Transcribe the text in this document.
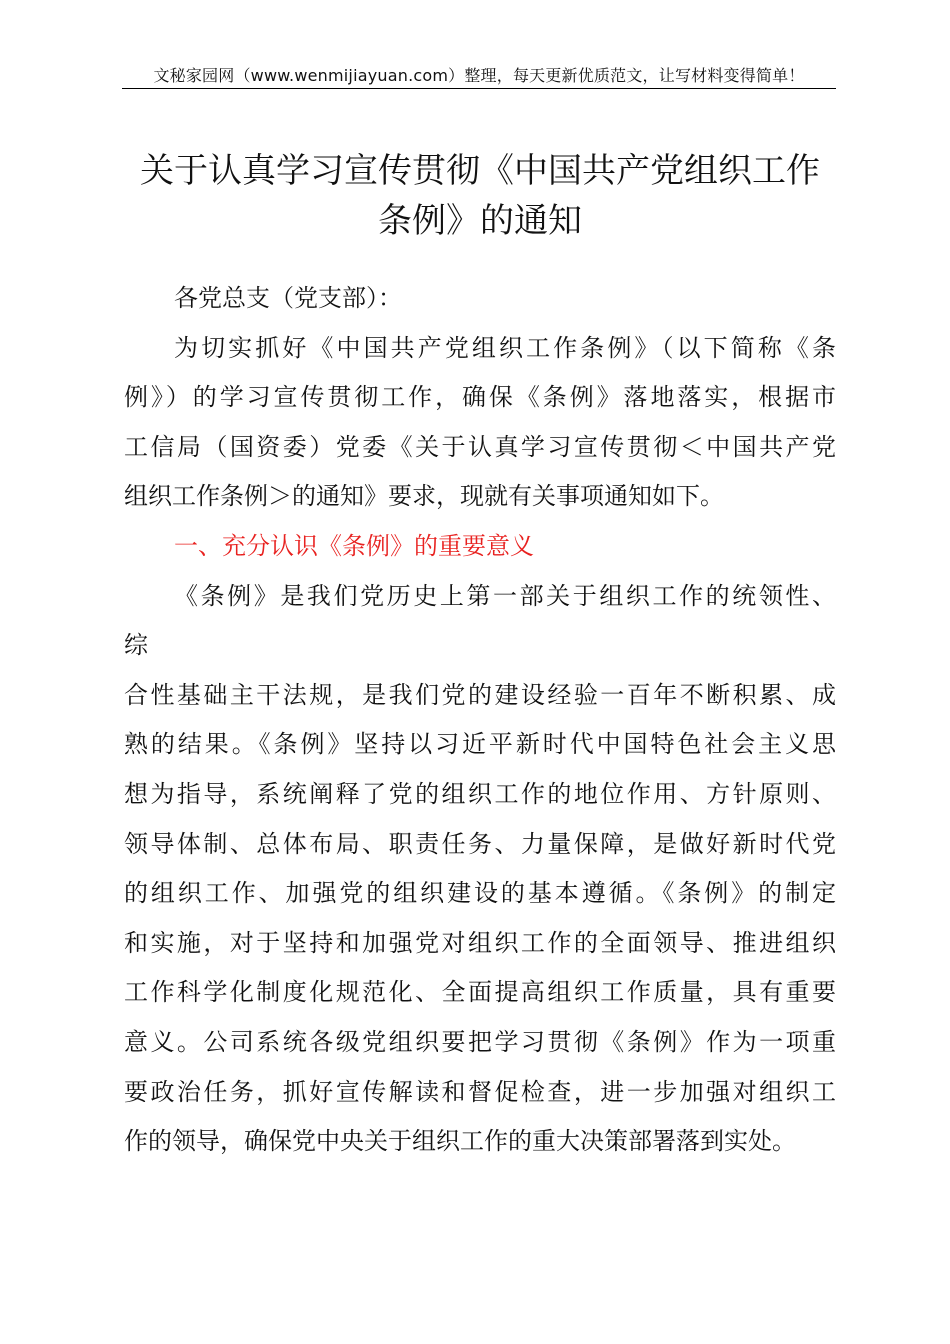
文秘家园网（www.wenmijiayuan.com）整理，每天更新优质范文，让写材料变得简单！
关于认真学习宣传贯彻《中国共产党组织工作
条例》的通知
各党总支（党支部）：
为切实抓好《中国共产党组织工作条例》（以下简称《条
例》）的学习宣传贯彻工作，确保《条例》落地落实，根据市
工信局（国资委）党委《关于认真学习宣传贯彻＜中国共产党
组织工作条例＞的通知》要求，现就有关事项通知如下。
一、充分认识《条例》的重要意义
《条例》是我们党历史上第一部关于组织工作的统领性、
综
合性基础主干法规，是我们党的建设经验一百年不断积累、成
熟的结果。《条例》坚持以习近平新时代中国特色社会主义思
想为指导，系统阐释了党的组织工作的地位作用、方针原则、
领导体制、总体布局、职责任务、力量保障，是做好新时代党
的组织工作、加强党的组织建设的基本遵循。《条例》的制定
和实施，对于坚持和加强党对组织工作的全面领导、推进组织
工作科学化制度化规范化、全面提高组织工作质量，具有重要
意义。公司系统各级党组织要把学习贯彻《条例》作为一项重
要政治任务，抓好宣传解读和督促检查，进一步加强对组织工
作的领导，确保党中央关于组织工作的重大决策部署落到实处。
